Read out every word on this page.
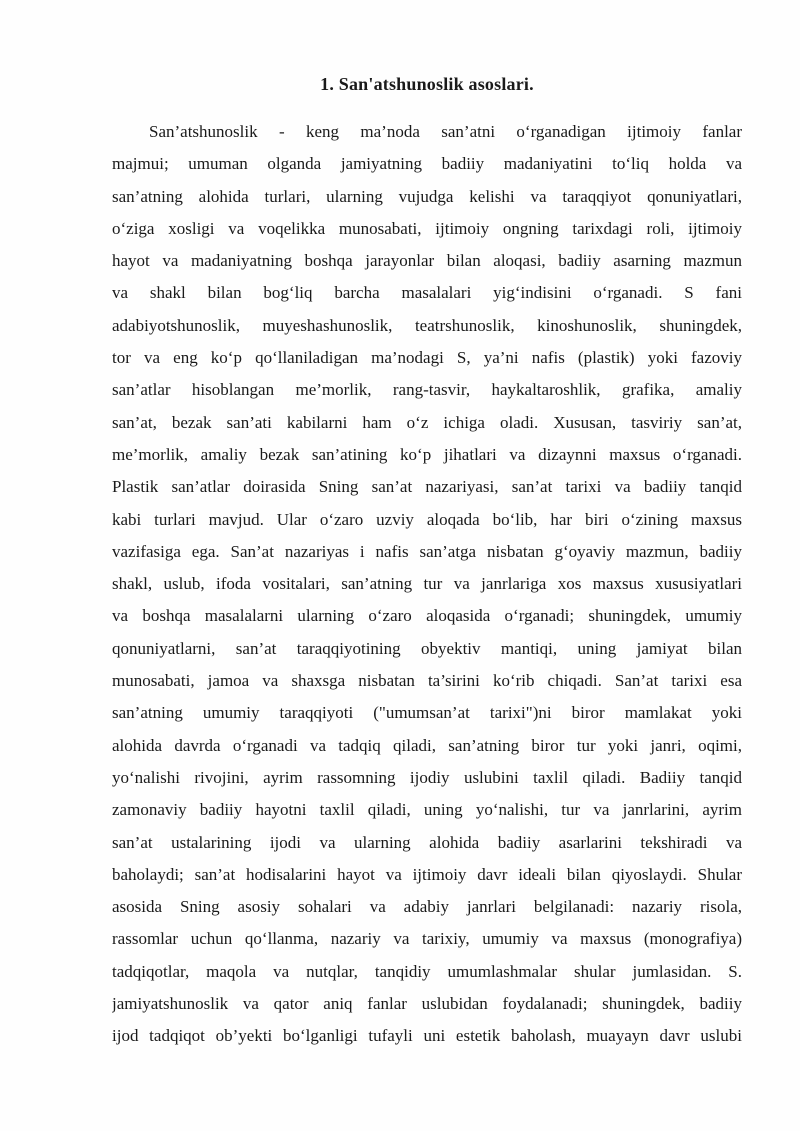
1. San'atshunoslik asoslari.
San’atshunoslik - keng ma’noda san’atni o‘rganadigan ijtimoiy fanlar
majmui; umuman olganda jamiyatning badiiy madaniyatini to‘liq holda va
san’atning alohida turlari, ularning vujudga kelishi va taraqqiyot qonuniyatlari,
o‘ziga xosligi va voqelikka munosabati, ijtimoiy ongning tarixdagi roli, ijtimoiy
hayot va madaniyatning boshqa jarayonlar bilan aloqasi, badiiy asarning mazmun
va shakl bilan bog‘liq barcha masalalari yig‘indisini o‘rganadi. S fani
adabiyotshunoslik, muyeshashunoslik, teatrshunoslik, kinoshunoslik, shuningdek,
tor va eng ko‘p qo‘llaniladigan ma’nodagi S, ya’ni nafis (plastik) yoki fazoviy
san’atlar hisoblangan me’morlik, rang-tasvir, haykaltaroshlik, grafika, amaliy
san’at, bezak san’ati kabilarni ham o‘z ichiga oladi. Xususan, tasviriy san’at,
me’morlik, amaliy bezak san’atining ko‘p jihatlari va dizaynni maxsus o‘rganadi.
Plastik san’atlar doirasida Sning san’at nazariyasi, san’at tarixi va badiiy tanqid
kabi turlari mavjud. Ular o‘zaro uzviy aloqada bo‘lib, har biri o‘zining maxsus
vazifasiga ega. San’at nazariyas i nafis san’atga nisbatan g‘oyaviy mazmun, badiiy
shakl, uslub, ifoda vositalari, san’atning tur va janrlariga xos maxsus xususiyatlari
va boshqa masalalarni ularning o‘zaro aloqasida o‘rganadi; shuningdek, umumiy
qonuniyatlarni, san’at taraqqiyotining obyektiv mantiqi, uning jamiyat bilan
munosabati, jamoa va shaxsga nisbatan ta’sirini ko‘rib chiqadi. San’at tarixi esa
san’atning umumiy taraqqiyoti ("umumsan’at tarixi")ni biror mamlakat yoki
alohida davrda o‘rganadi va tadqiq qiladi, san’atning biror tur yoki janri, oqimi,
yo‘nalishi rivojini, ayrim rassomning ijodiy uslubini taxlil qiladi. Badiiy tanqid
zamonaviy badiiy hayotni taxlil qiladi, uning yo‘nalishi, tur va janrlarini, ayrim
san’at ustalarining ijodi va ularning alohida badiiy asarlarini tekshiradi va
baholaydi; san’at hodisalarini hayot va ijtimoiy davr ideali bilan qiyoslaydi. Shular
asosida Sning asosiy sohalari va adabiy janrlari belgilanadi: nazariy risola,
rassomlar uchun qo‘llanma, nazariy va tarixiy, umumiy va maxsus (monografiya)
tadqiqotlar, maqola va nutqlar, tanqidiy umumlashmalar shular jumlasidan. S.
jamiyatshunoslik va qator aniq fanlar uslubidan foydalanadi; shuningdek, badiiy
ijod tadqiqot ob’yekti bo‘lganligi tufayli uni estetik baholash, muayayn davr uslubi
